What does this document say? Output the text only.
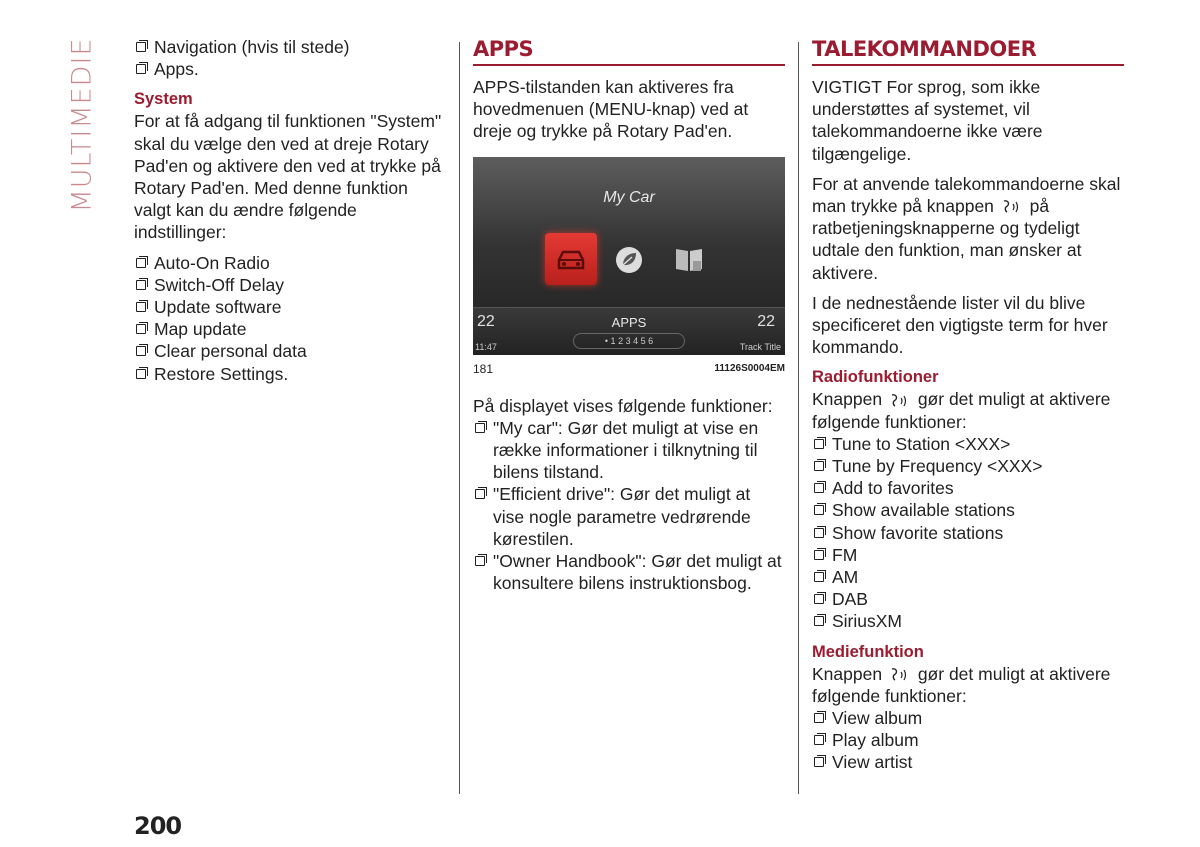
MULTIMEDIE	Navigation (hvis til stede)
Apps.
System

For at få adgang til funktionen "System" skal du vælge den ved at dreje Rotary Pad'en og aktivere den ved at trykke på Rotary Pad'en. Med denne funktion valgt kan du ændre følgende indstillinger:

Auto-On Radio
Switch-Off Delay
Update software
Map update
Clear personal data
Restore Settings.
APPS

APPS-tilstanden kan aktiveres fra hovedmenuen (MENU-knap) ved at dreje og trykke på Rotary Pad'en.

My Car
22	APPS	22
11:47
• 1 2 3 4 5 6
Track Title
181	11126S0004EM
På displayet vises følgende funktioner:
"My car": Gør det muligt at vise en række informationer i tilknytning til bilens tilstand.
"Efficient drive": Gør det muligt at vise nogle parametre vedrørende kørestilen.
"Owner Handbook": Gør det muligt at konsultere bilens instruktionsbog.
TALEKOMMANDOER

VIGTIGT For sprog, som ikke understøttes af systemet, vil talekommandoerne ikke være tilgængelige.

For at anvende talekommandoerne skal man trykke på knappen på ratbetjeningsknapperne og tydeligt udtale den funktion, man ønsker at aktivere.

I de nednestående lister vil du blive specificeret den vigtigste term for hver kommando.

Radiofunktioner
Knappen gør det muligt at aktivere følgende funktioner:
Tune to Station <XXX>
Tune by Frequency <XXX>
Add to favorites
Show available stations
Show favorite stations
FM
AM
DAB
SiriusXM
Mediefunktion
Knappen gør det muligt at aktivere følgende funktioner:
View album
Play album
View artist
200
